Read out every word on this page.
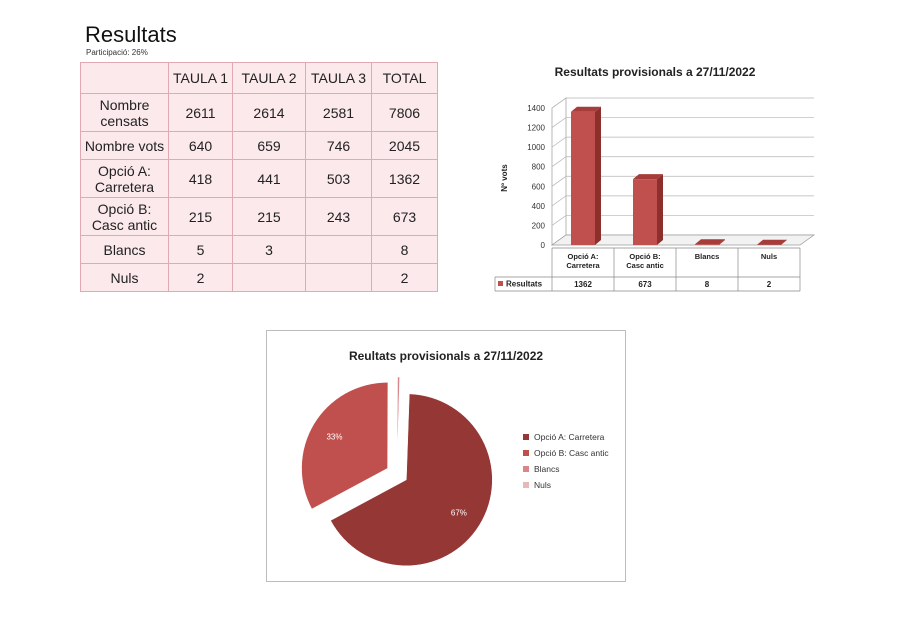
Resultats
Participació: 26%
	TAULA 1	TAULA 2	TAULA 3	TOTAL
Nombre censats	2611	2614	2581	7806
Nombre vots	640	659	746	2045
Opció A: Carretera	418	441	503	1362
Opció B: Casc antic	215	215	243	673
Blancs	5	3		8
Nuls	2			2
Resultats provisionals a 27/11/2022
0
200
400
600
800
1000
1200
1400
Nº vots
Resultats
Opció A:
Carretera
1362
Opció B:
Casc antic
673
Blancs
8
Nuls
2
Reultats provisionals a 27/11/2022
67%
33%	Opció A: Carretera
Opció B: Casc antic
Blancs
Nuls
